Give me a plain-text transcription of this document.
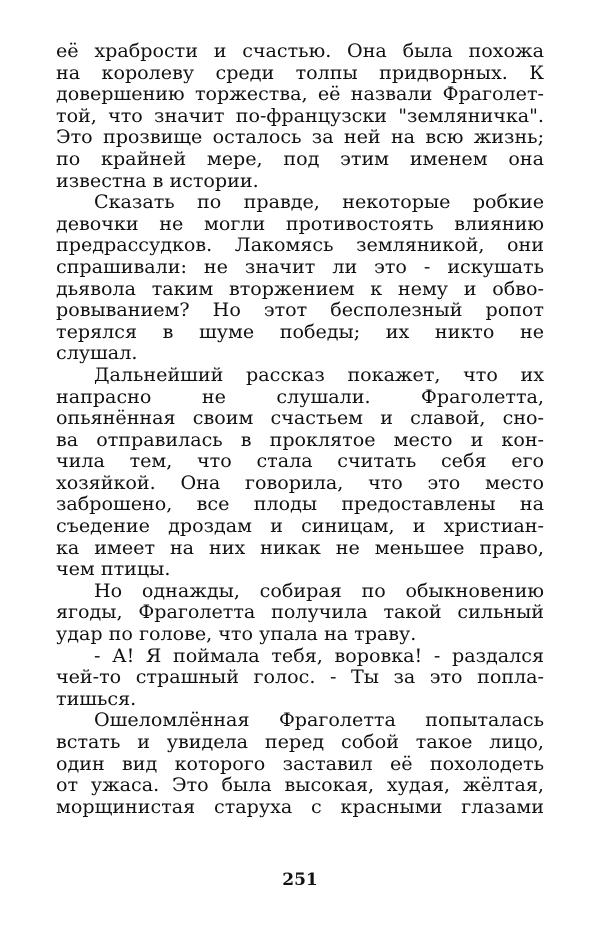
её храбрости и счастью. Она была похожа
на королеву среди толпы придворных. К
довершению торжества, её назвали Фраголет-
той, что значит по-французски "земляничка".
Это прозвище осталось за ней на всю жизнь;
по крайней мере, под этим именем она
известна в истории.
Сказать по правде, некоторые робкие
девочки не могли противостоять влиянию
предрассудков. Лакомясь земляникой, они
спрашивали: не значит ли это - искушать
дьявола таким вторжением к нему и обво-
ровыванием? Но этот бесполезный ропот
терялся в шуме победы; их никто не
слушал.
Дальнейший рассказ покажет, что их
напрасно не слушали. Фраголетта,
опьянённая своим счастьем и славой, сно-
ва отправилась в проклятое место и кон-
чила тем, что стала считать себя его
хозяйкой. Она говорила, что это место
заброшено, все плоды предоставлены на
съедение дроздам и синицам, и христиан-
ка имеет на них никак не меньшее право,
чем птицы.
Но однажды, собирая по обыкновению
ягоды, Фраголетта получила такой сильный
удар по голове, что упала на траву.
- А! Я поймала тебя, воровка! - раздался
чей-то страшный голос. - Ты за это попла-
тишься.
Ошеломлённая Фраголетта попыталась
встать и увидела перед собой такое лицо,
один вид которого заставил её похолодеть
от ужаса. Это была высокая, худая, жёлтая,
морщинистая старуха с красными глазами
251
